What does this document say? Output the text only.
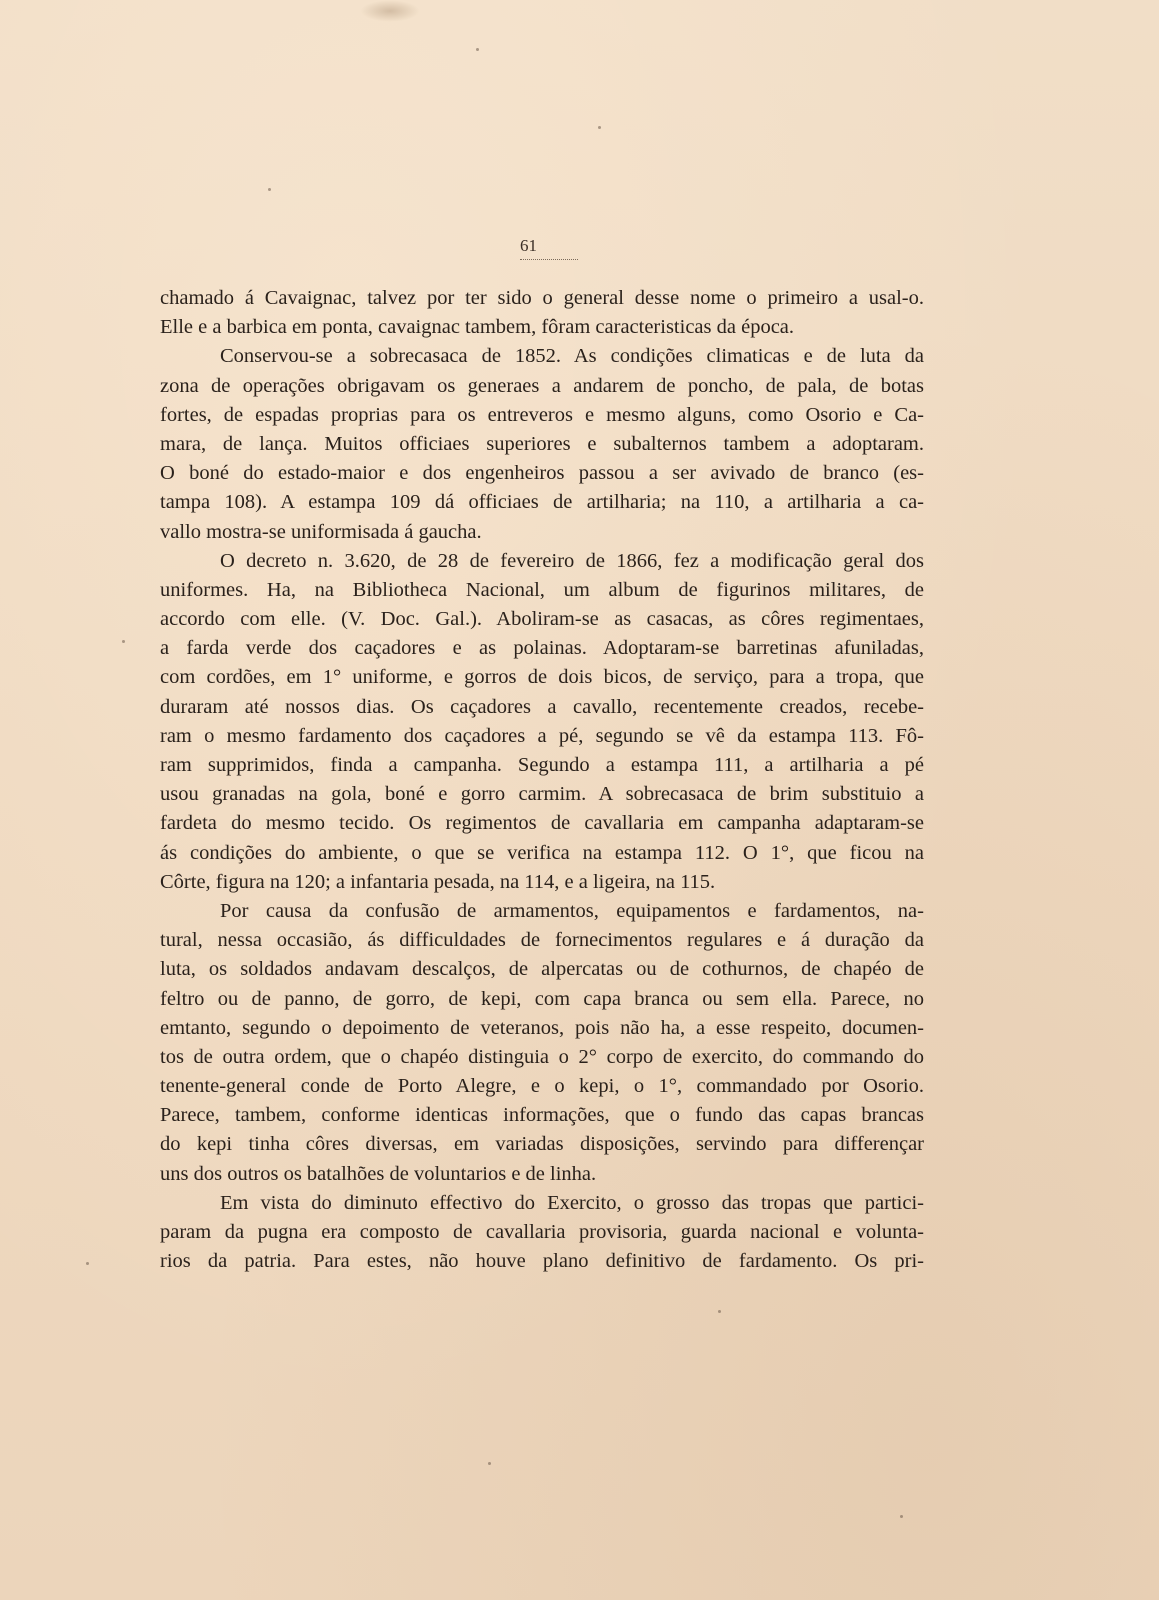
61
chamado á Cavaignac, talvez por ter sido o general desse nome o primeiro a usal-o.
Elle e a barbica em ponta, cavaignac tambem, fôram caracteristicas da época.
Conservou-se a sobrecasaca de 1852. As condições climaticas e de luta da
zona de operações obrigavam os generaes a andarem de poncho, de pala, de botas
fortes, de espadas proprias para os entreveros e mesmo alguns, como Osorio e Ca-
mara, de lança. Muitos officiaes superiores e subalternos tambem a adoptaram.
O boné do estado-maior e dos engenheiros passou a ser avivado de branco (es-
tampa 108). A estampa 109 dá officiaes de artilharia; na 110, a artilharia a ca-
vallo mostra-se uniformisada á gaucha.
O decreto n. 3.620, de 28 de fevereiro de 1866, fez a modificação geral dos
uniformes. Ha, na Bibliotheca Nacional, um album de figurinos militares, de
accordo com elle. (V. Doc. Gal.). Aboliram-se as casacas, as côres regimentaes,
a farda verde dos caçadores e as polainas. Adoptaram-se barretinas afuniladas,
com cordões, em 1° uniforme, e gorros de dois bicos, de serviço, para a tropa, que
duraram até nossos dias. Os caçadores a cavallo, recentemente creados, recebe-
ram o mesmo fardamento dos caçadores a pé, segundo se vê da estampa 113. Fô-
ram supprimidos, finda a campanha. Segundo a estampa 111, a artilharia a pé
usou granadas na gola, boné e gorro carmim. A sobrecasaca de brim substituio a
fardeta do mesmo tecido. Os regimentos de cavallaria em campanha adaptaram-se
ás condições do ambiente, o que se verifica na estampa 112. O 1°, que ficou na
Côrte, figura na 120; a infantaria pesada, na 114, e a ligeira, na 115.
Por causa da confusão de armamentos, equipamentos e fardamentos, na-
tural, nessa occasião, ás difficuldades de fornecimentos regulares e á duração da
luta, os soldados andavam descalços, de alpercatas ou de cothurnos, de chapéo de
feltro ou de panno, de gorro, de kepi, com capa branca ou sem ella. Parece, no
emtanto, segundo o depoimento de veteranos, pois não ha, a esse respeito, documen-
tos de outra ordem, que o chapéo distinguia o 2° corpo de exercito, do commando do
tenente-general conde de Porto Alegre, e o kepi, o 1°, commandado por Osorio.
Parece, tambem, conforme identicas informações, que o fundo das capas brancas
do kepi tinha côres diversas, em variadas disposições, servindo para differençar
uns dos outros os batalhões de voluntarios e de linha.
Em vista do diminuto effectivo do Exercito, o grosso das tropas que partici-
param da pugna era composto de cavallaria provisoria, guarda nacional e volunta-
rios da patria. Para estes, não houve plano definitivo de fardamento. Os pri-
